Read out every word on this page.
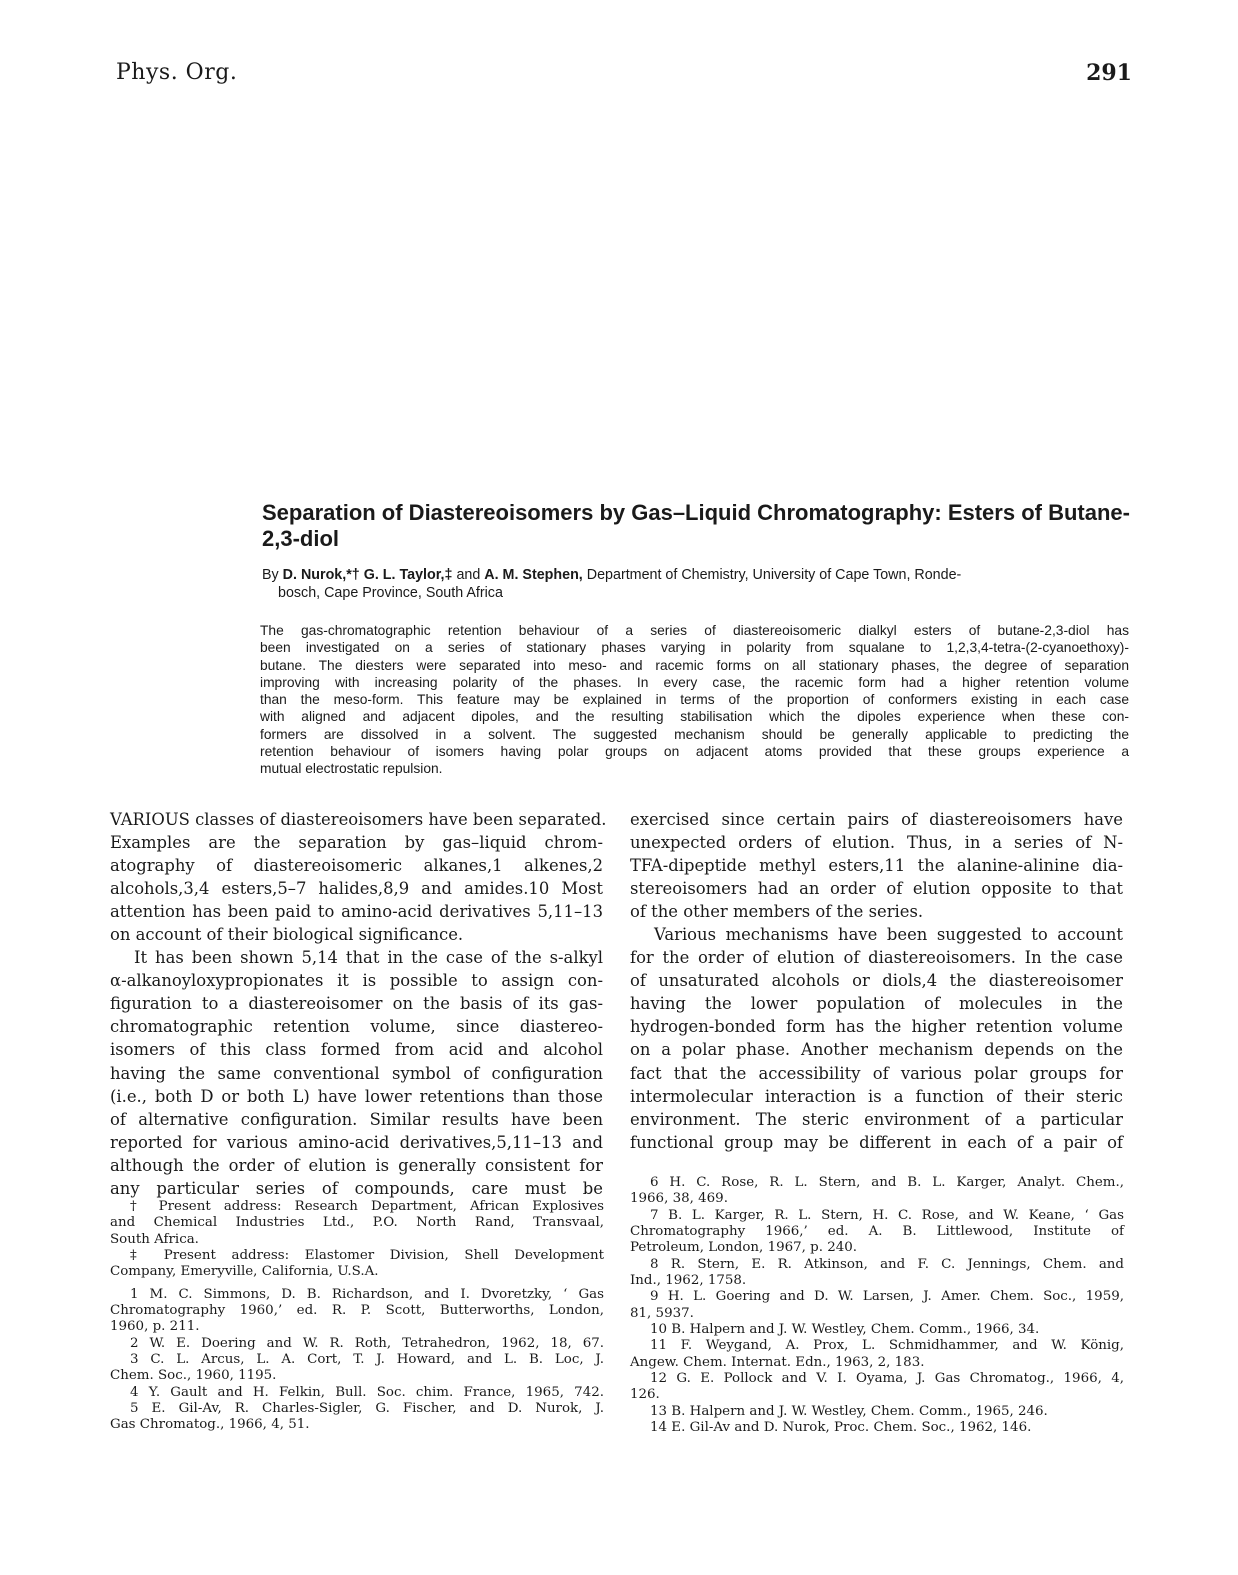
Phys. Org.	291
Separation of Diastereoisomers by Gas–Liquid Chromatography: Esters of Butane-2,3-diol
By D. Nurok,*† G. L. Taylor,‡ and A. M. Stephen, Department of Chemistry, University of Cape Town, Ronde-
bosch, Cape Province, South Africa
The gas-chromatographic retention behaviour of a series of diastereoisomeric dialkyl esters of butane-2,3-diol has
been investigated on a series of stationary phases varying in polarity from squalane to 1,2,3,4-tetra-(2-cyanoethoxy)-
butane. The diesters were separated into meso- and racemic forms on all stationary phases, the degree of separation
improving with increasing polarity of the phases. In every case, the racemic form had a higher retention volume
than the meso-form. This feature may be explained in terms of the proportion of conformers existing in each case
with aligned and adjacent dipoles, and the resulting stabilisation which the dipoles experience when these con-
formers are dissolved in a solvent. The suggested mechanism should be generally applicable to predicting the
retention behaviour of isomers having polar groups on adjacent atoms provided that these groups experience a
mutual electrostatic repulsion.
VARIOUS classes of diastereoisomers have been separated.
Examples are the separation by gas–liquid chrom-
atography of diastereoisomeric alkanes,1 alkenes,2
alcohols,3,4 esters,5–7 halides,8,9 and amides.10 Most
attention has been paid to amino-acid derivatives 5,11–13
on account of their biological significance.
It has been shown 5,14 that in the case of the s-alkyl
α-alkanoyloxypropionates it is possible to assign con-
figuration to a diastereoisomer on the basis of its gas-
chromatographic retention volume, since diastereo-
isomers of this class formed from acid and alcohol
having the same conventional symbol of configuration
(i.e., both D or both L) have lower retentions than those
of alternative configuration. Similar results have been
reported for various amino-acid derivatives,5,11–13 and
although the order of elution is generally consistent for
any particular series of compounds, care must be
exercised since certain pairs of diastereoisomers have
unexpected orders of elution. Thus, in a series of N-
TFA-dipeptide methyl esters,11 the alanine-alinine dia-
stereoisomers had an order of elution opposite to that
of the other members of the series.
Various mechanisms have been suggested to account
for the order of elution of diastereoisomers. In the case
of unsaturated alcohols or diols,4 the diastereoisomer
having the lower population of molecules in the
hydrogen-bonded form has the higher retention volume
on a polar phase. Another mechanism depends on the
fact that the accessibility of various polar groups for
intermolecular interaction is a function of their steric
environment. The steric environment of a particular
functional group may be different in each of a pair of
† Present address: Research Department, African Explosives
and Chemical Industries Ltd., P.O. North Rand, Transvaal,
South Africa.
‡ Present address: Elastomer Division, Shell Development
Company, Emeryville, California, U.S.A.
1 M. C. Simmons, D. B. Richardson, and I. Dvoretzky, ‘ Gas
Chromatography 1960,’ ed. R. P. Scott, Butterworths, London,
1960, p. 211.
2 W. E. Doering and W. R. Roth, Tetrahedron, 1962, 18, 67.
3 C. L. Arcus, L. A. Cort, T. J. Howard, and L. B. Loc, J.
Chem. Soc., 1960, 1195.
4 Y. Gault and H. Felkin, Bull. Soc. chim. France, 1965, 742.
5 E. Gil-Av, R. Charles-Sigler, G. Fischer, and D. Nurok, J.
Gas Chromatog., 1966, 4, 51.
6 H. C. Rose, R. L. Stern, and B. L. Karger, Analyt. Chem.,
1966, 38, 469.
7 B. L. Karger, R. L. Stern, H. C. Rose, and W. Keane, ‘ Gas
Chromatography 1966,’ ed. A. B. Littlewood, Institute of
Petroleum, London, 1967, p. 240.
8 R. Stern, E. R. Atkinson, and F. C. Jennings, Chem. and
Ind., 1962, 1758.
9 H. L. Goering and D. W. Larsen, J. Amer. Chem. Soc., 1959,
81, 5937.
10 B. Halpern and J. W. Westley, Chem. Comm., 1966, 34.
11 F. Weygand, A. Prox, L. Schmidhammer, and W. König,
Angew. Chem. Internat. Edn., 1963, 2, 183.
12 G. E. Pollock and V. I. Oyama, J. Gas Chromatog., 1966, 4,
126.
13 B. Halpern and J. W. Westley, Chem. Comm., 1965, 246.
14 E. Gil-Av and D. Nurok, Proc. Chem. Soc., 1962, 146.
